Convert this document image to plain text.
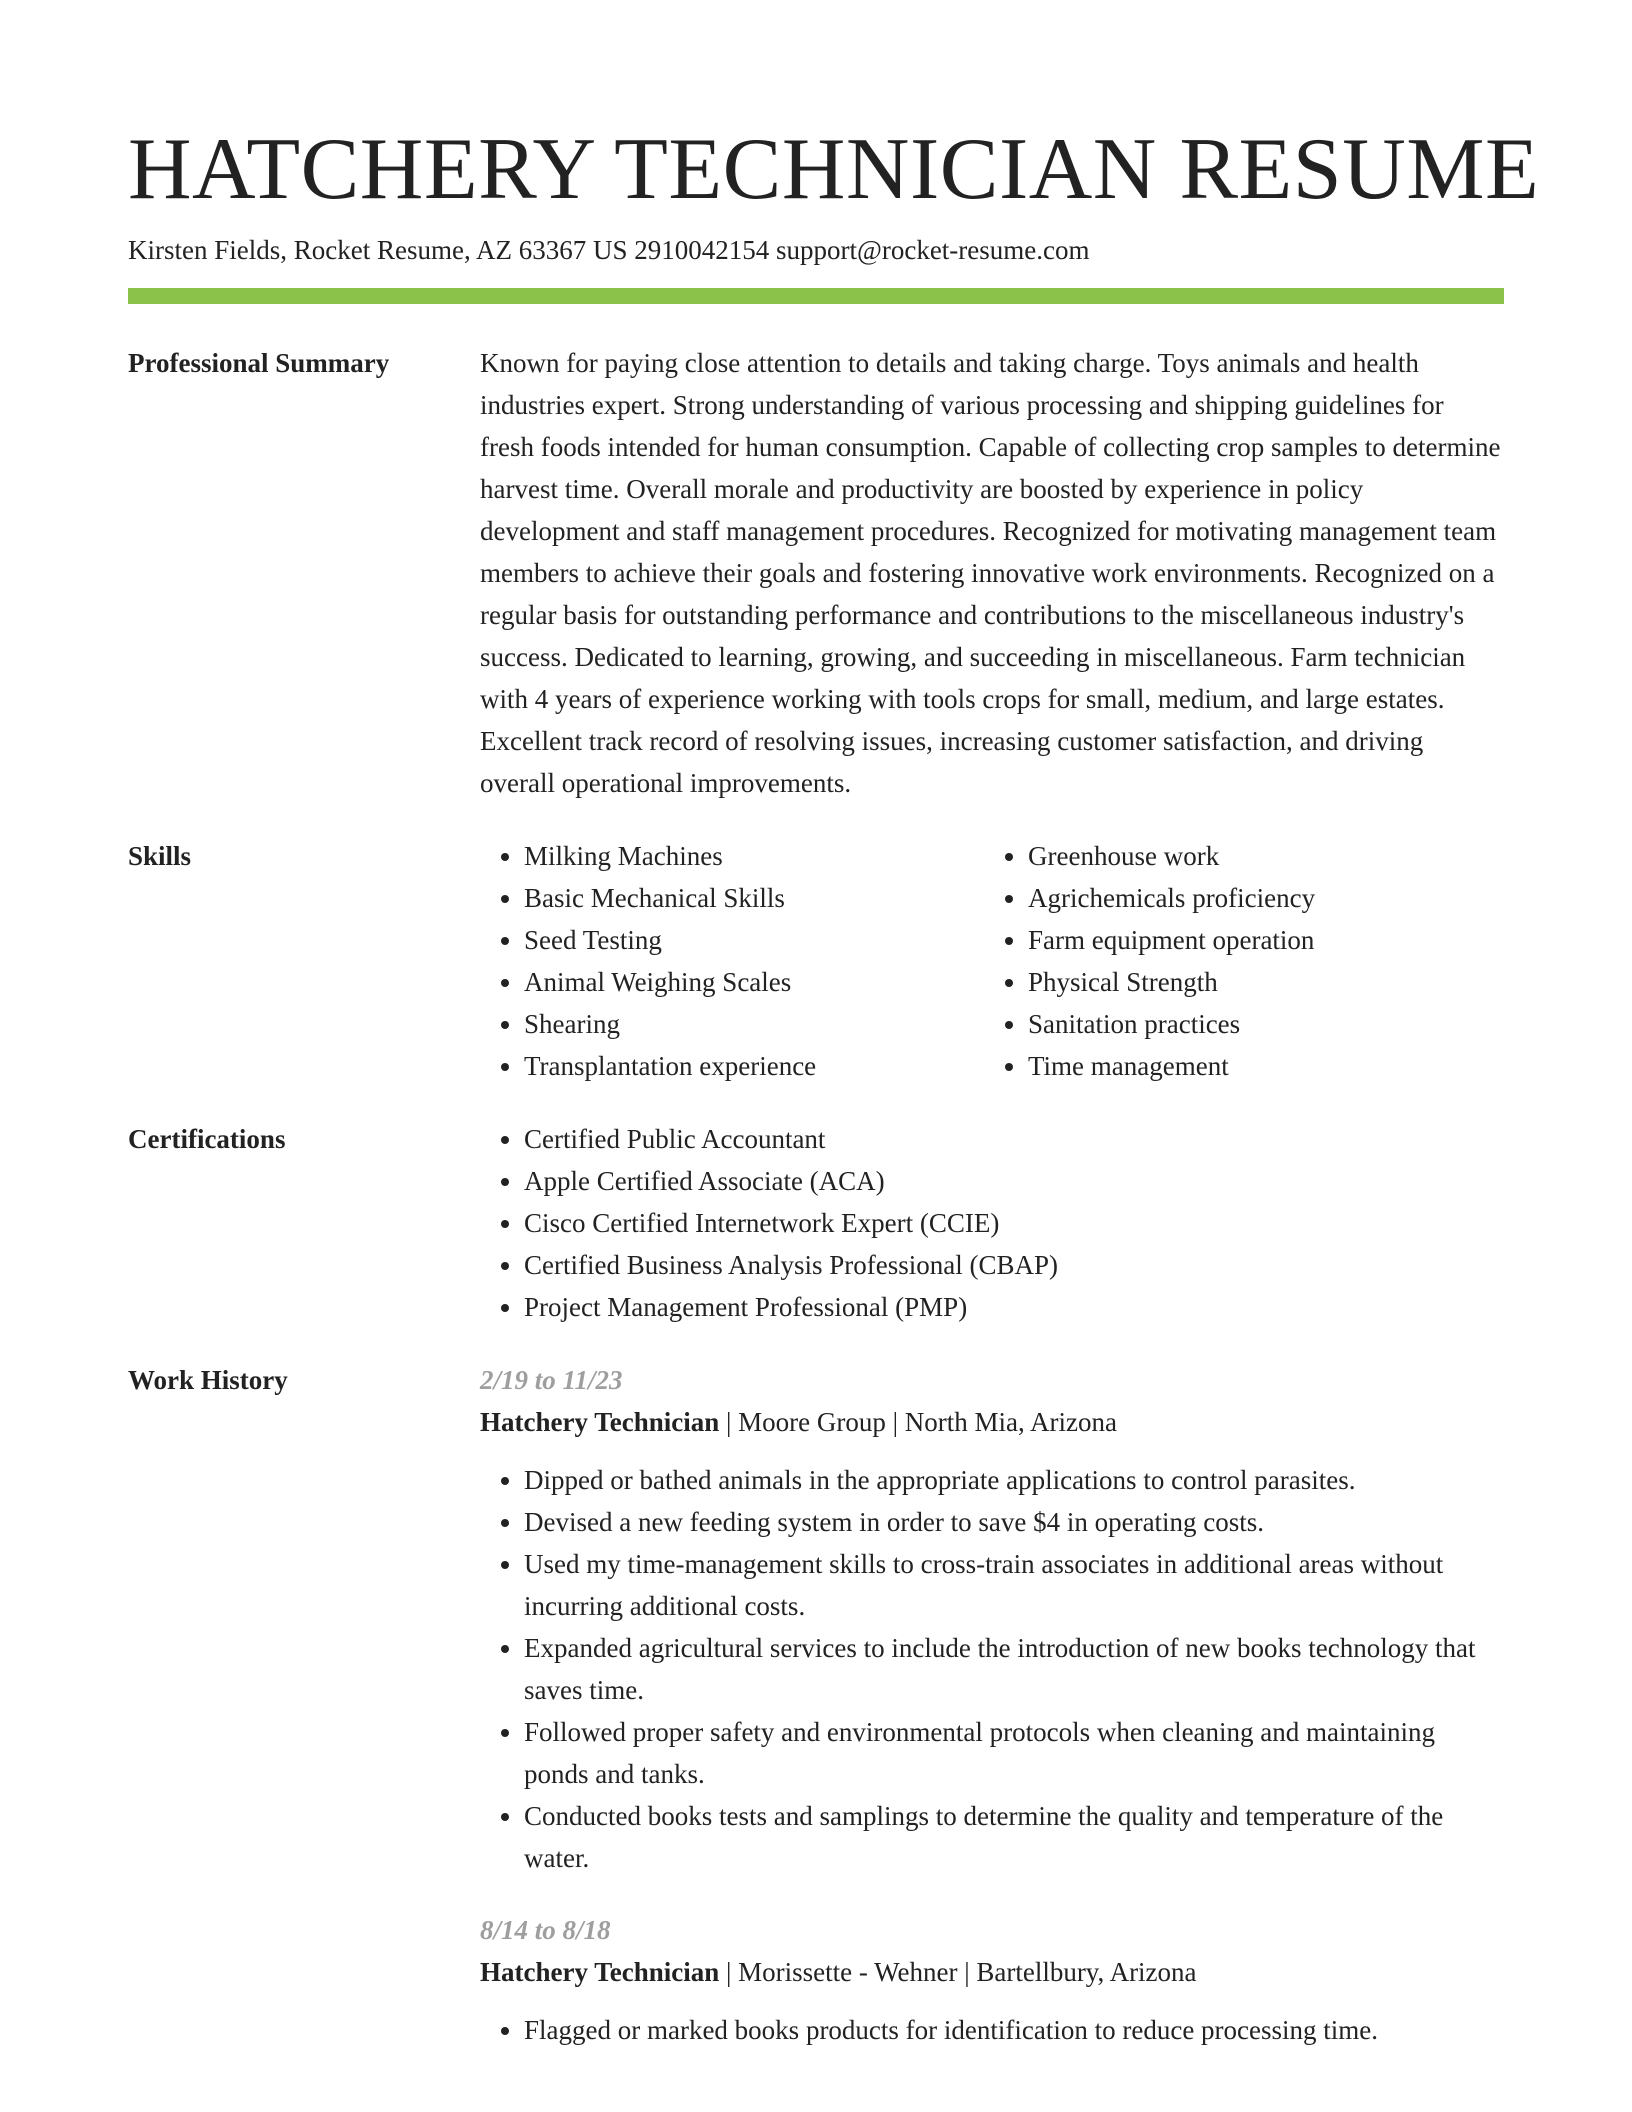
HATCHERY TECHNICIAN RESUME
Kirsten Fields, Rocket Resume, AZ 63367 US 2910042154 support@rocket-resume.com
Professional Summary	Known for paying close attention to details and taking charge. Toys animals and health industries expert. Strong understanding of various processing and shipping guidelines for fresh foods intended for human consumption. Capable of collecting crop samples to determine harvest time. Overall morale and productivity are boosted by experience in policy development and staff management procedures. Recognized for motivating management team members to achieve their goals and fostering innovative work environments. Recognized on a regular basis for outstanding performance and contributions to the miscellaneous industry's success. Dedicated to learning, growing, and succeeding in miscellaneous. Farm technician with 4 years of experience working with tools crops for small, medium, and large estates. Excellent track record of resolving issues, increasing customer satisfaction, and driving overall operational improvements.

Skills	• Milking Machines
• Basic Mechanical Skills
• Seed Testing
• Animal Weighing Scales
• Shearing
• Transplantation experience
• Greenhouse work
• Agrichemicals proficiency
• Farm equipment operation
• Physical Strength
• Sanitation practices
• Time management
Certifications	• Certified Public Accountant
• Apple Certified Associate (ACA)
• Cisco Certified Internetwork Expert (CCIE)
• Certified Business Analysis Professional (CBAP)
• Project Management Professional (PMP)
Work History	2/19 to 11/23
Hatchery Technician | Moore Group | North Mia, Arizona
• Dipped or bathed animals in the appropriate applications to control parasites.
• Devised a new feeding system in order to save $4 in operating costs.
• Used my time-management skills to cross-train associates in additional areas without incurring additional costs.
• Expanded agricultural services to include the introduction of new books technology that saves time.
• Followed proper safety and environmental protocols when cleaning and maintaining ponds and tanks.
• Conducted books tests and samplings to determine the quality and temperature of the water.
8/14 to 8/18
Hatchery Technician | Morissette - Wehner | Bartellbury, Arizona
• Flagged or marked books products for identification to reduce processing time.
